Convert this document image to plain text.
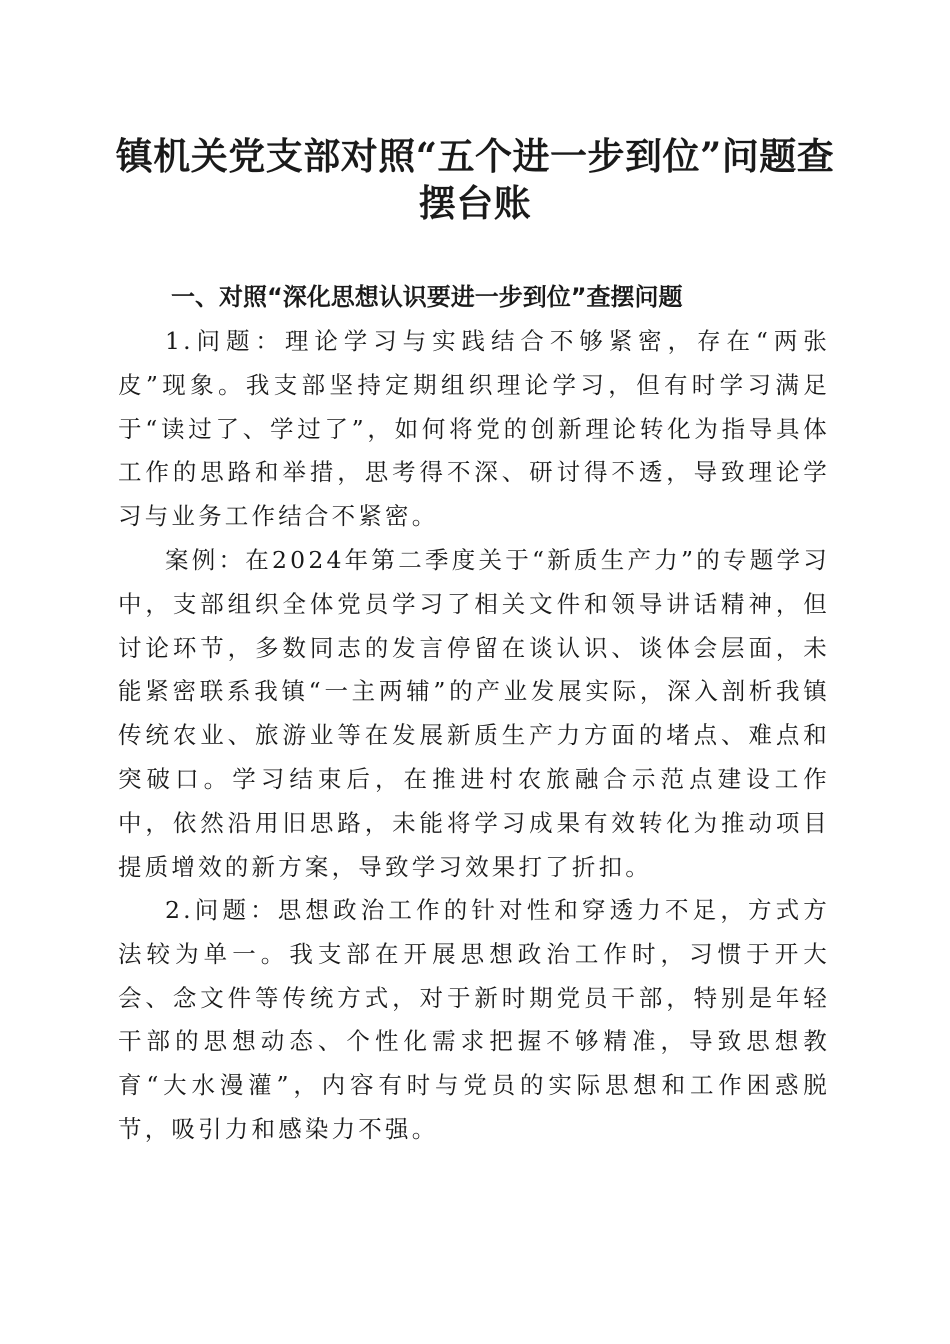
镇机关党支部对照“五个进一步到位”问题查摆台账
一、对照“深化思想认识要进一步到位”查摆问题

1.问题：理论学习与实践结合不够紧密，存在“两张皮”现象。我支部坚持定期组织理论学习，但有时学习满足于“读过了、学过了”，如何将党的创新理论转化为指导具体工作的思路和举措，思考得不深、研讨得不透，导致理论学习与业务工作结合不紧密。

案例：在2024年第二季度关于“新质生产力”的专题学习中，支部组织全体党员学习了相关文件和领导讲话精神，但讨论环节，多数同志的发言停留在谈认识、谈体会层面，未能紧密联系我镇“一主两辅”的产业发展实际，深入剖析我镇传统农业、旅游业等在发展新质生产力方面的堵点、难点和突破口。学习结束后，在推进村农旅融合示范点建设工作中，依然沿用旧思路，未能将学习成果有效转化为推动项目提质增效的新方案，导致学习效果打了折扣。

2.问题：思想政治工作的针对性和穿透力不足，方式方法较为单一。我支部在开展思想政治工作时，习惯于开大会、念文件等传统方式，对于新时期党员干部，特别是年轻干部的思想动态、个性化需求把握不够精准，导致思想教育“大水漫灌”，内容有时与党员的实际思想和工作困惑脱节，吸引力和感染力不强。
